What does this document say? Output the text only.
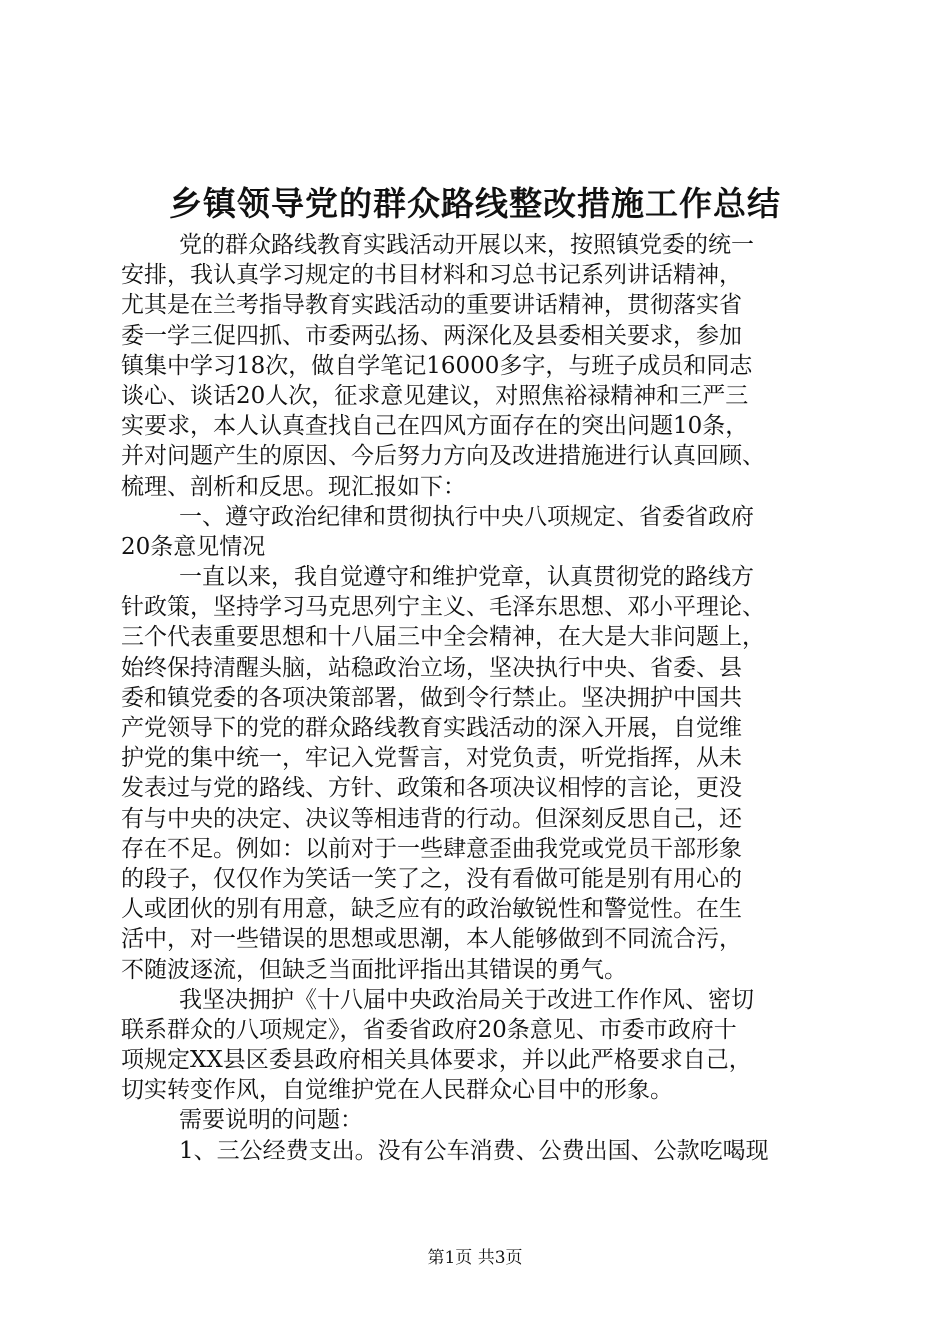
乡镇领导党的群众路线整改措施工作总结
党的群众路线教育实践活动开展以来，按照镇党委的统一
安排，我认真学习规定的书目材料和习总书记系列讲话精神，
尤其是在兰考指导教育实践活动的重要讲话精神，贯彻落实省
委一学三促四抓、市委两弘扬、两深化及县委相关要求，参加
镇集中学习18次，做自学笔记16000多字，与班子成员和同志
谈心、谈话20人次，征求意见建议，对照焦裕禄精神和三严三
实要求，本人认真查找自己在四风方面存在的突出问题10条，
并对问题产生的原因、今后努力方向及改进措施进行认真回顾、
梳理、剖析和反思。现汇报如下：
一、遵守政治纪律和贯彻执行中央八项规定、省委省政府
20条意见情况
一直以来，我自觉遵守和维护党章，认真贯彻党的路线方
针政策，坚持学习马克思列宁主义、毛泽东思想、邓小平理论、
三个代表重要思想和十八届三中全会精神，在大是大非问题上，
始终保持清醒头脑，站稳政治立场，坚决执行中央、省委、县
委和镇党委的各项决策部署，做到令行禁止。坚决拥护中国共
产党领导下的党的群众路线教育实践活动的深入开展，自觉维
护党的集中统一，牢记入党誓言，对党负责，听党指挥，从未
发表过与党的路线、方针、政策和各项决议相悖的言论，更没
有与中央的决定、决议等相违背的行动。但深刻反思自己，还
存在不足。例如：以前对于一些肆意歪曲我党或党员干部形象
的段子，仅仅作为笑话一笑了之，没有看做可能是别有用心的
人或团伙的别有用意，缺乏应有的政治敏锐性和警觉性。在生
活中，对一些错误的思想或思潮，本人能够做到不同流合污，
不随波逐流，但缺乏当面批评指出其错误的勇气。
我坚决拥护《十八届中央政治局关于改进工作作风、密切
联系群众的八项规定》，省委省政府20条意见、市委市政府十
项规定XX县区委县政府相关具体要求，并以此严格要求自己，
切实转变作风，自觉维护党在人民群众心目中的形象。
需要说明的问题：
1、三公经费支出。没有公车消费、公费出国、公款吃喝现
第1页 共3页
